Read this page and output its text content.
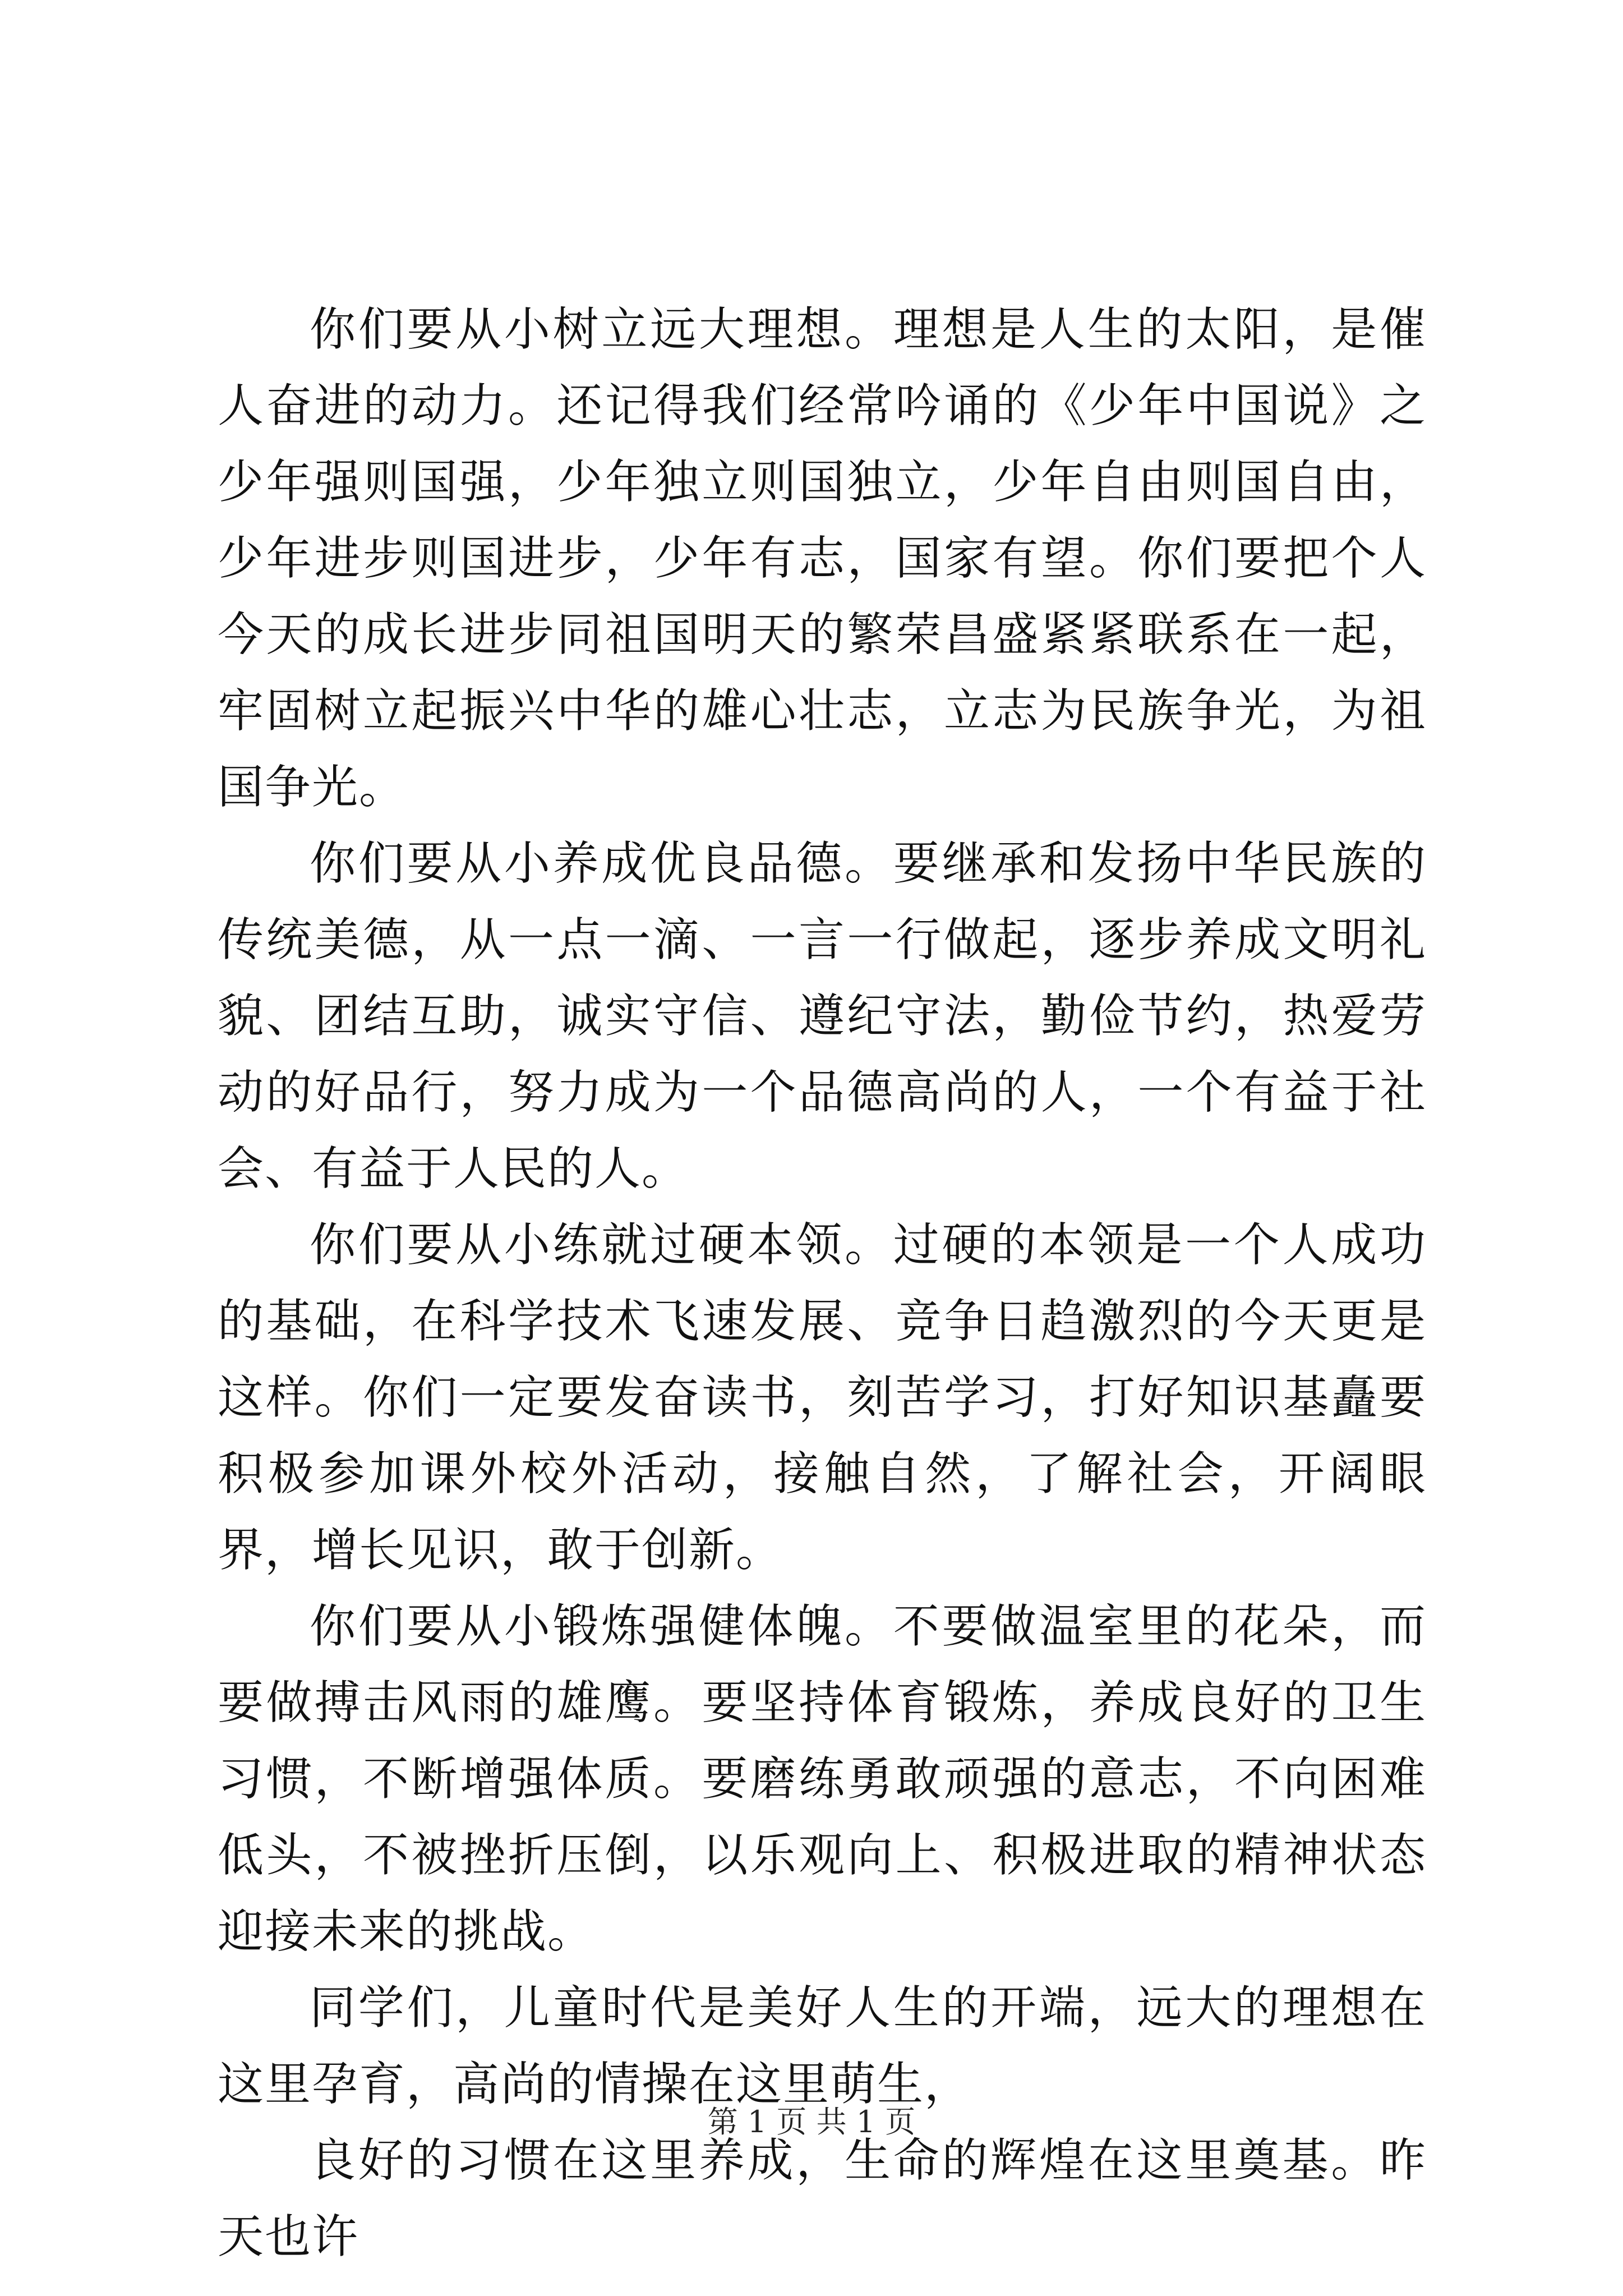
你们要从小树立远大理想。理想是人生的太阳，是催人奋进的动力。还记得我们经常吟诵的《少年中国说》之少年强则国强，少年独立则国独立，少年自由则国自由，少年进步则国进步，少年有志，国家有望。你们要把个人今天的成长进步同祖国明天的繁荣昌盛紧紧联系在一起，牢固树立起振兴中华的雄心壮志，立志为民族争光，为祖国争光。

你们要从小养成优良品德。要继承和发扬中华民族的传统美德，从一点一滴、一言一行做起，逐步养成文明礼貌、团结互助，诚实守信、遵纪守法，勤俭节约，热爱劳动的好品行，努力成为一个品德高尚的人，一个有益于社会、有益于人民的人。

你们要从小练就过硬本领。过硬的本领是一个人成功的基础，在科学技术飞速发展、竞争日趋激烈的今天更是这样。你们一定要发奋读书，刻苦学习，打好知识基矗要积极参加课外校外活动，接触自然，了解社会，开阔眼界，增长见识，敢于创新。

你们要从小锻炼强健体魄。不要做温室里的花朵，而要做搏击风雨的雄鹰。要坚持体育锻炼，养成良好的卫生习惯，不断增强体质。要磨练勇敢顽强的意志，不向困难低头，不被挫折压倒，以乐观向上、积极进取的精神状态迎接未来的挑战。

同学们，儿童时代是美好人生的开端，远大的理想在这里孕育，高尚的情操在这里萌生，

良好的习惯在这里养成，生命的辉煌在这里奠基。昨天也许

第 1 页 共 1 页
